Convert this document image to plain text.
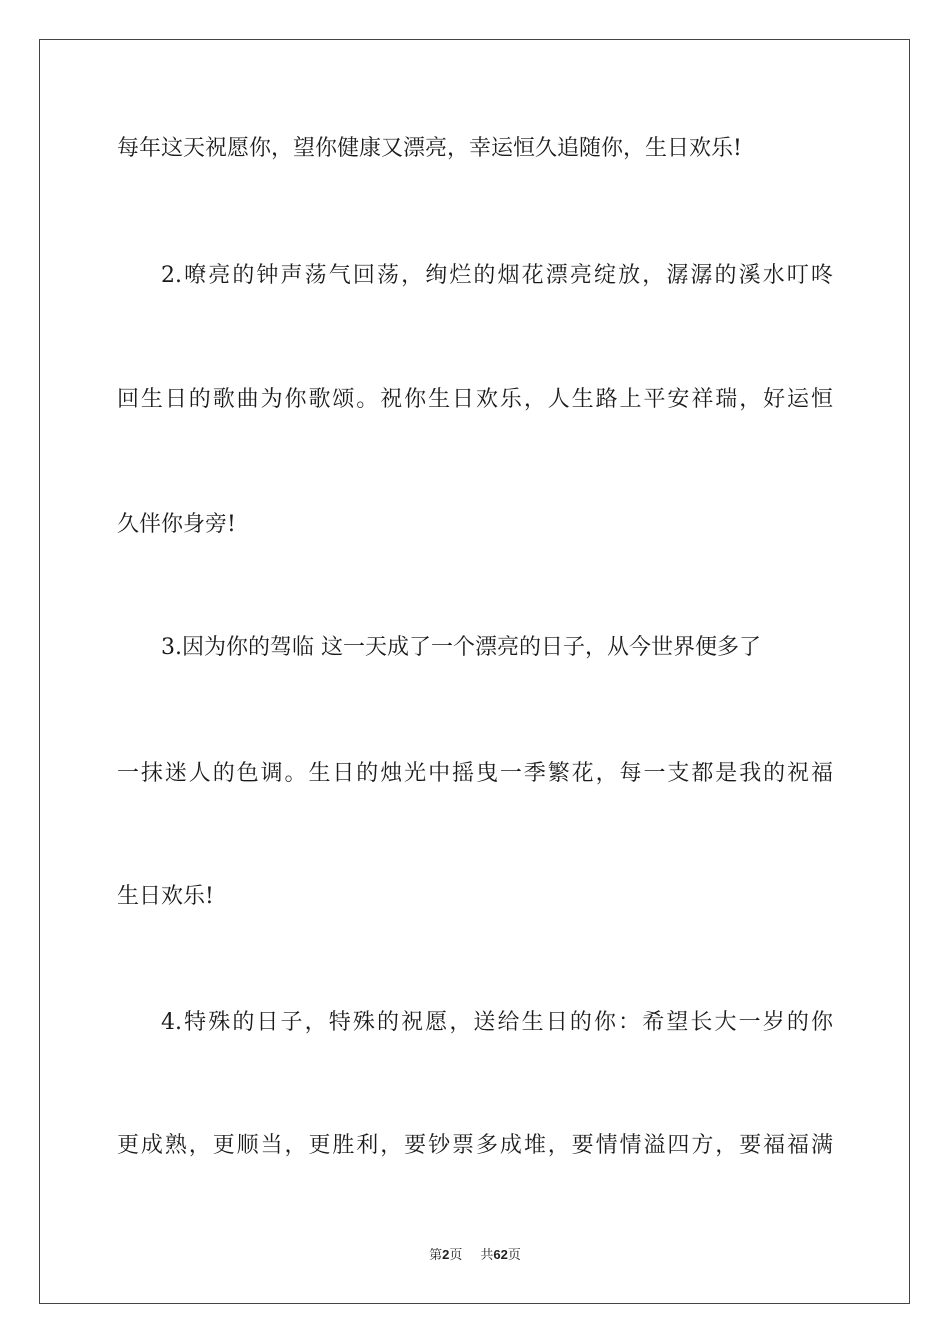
每年这天祝愿你，望你健康又漂亮，幸运恒久追随你，生日欢乐!
2.嘹亮的钟声荡气回荡，绚烂的烟花漂亮绽放，潺潺的溪水叮咚
回生日的歌曲为你歌颂。祝你生日欢乐，人生路上平安祥瑞，好运恒
久伴你身旁!
3.因为你的驾临 这一天成了一个漂亮的日子，从今世界便多了
一抹迷人的色调。生日的烛光中摇曳一季繁花，每一支都是我的祝福
生日欢乐!
4.特殊的日子，特殊的祝愿，送给生日的你：希望长大一岁的你
更成熟，更顺当，更胜利，要钞票多成堆，要情情溢四方，要福福满
第2页 共62页
